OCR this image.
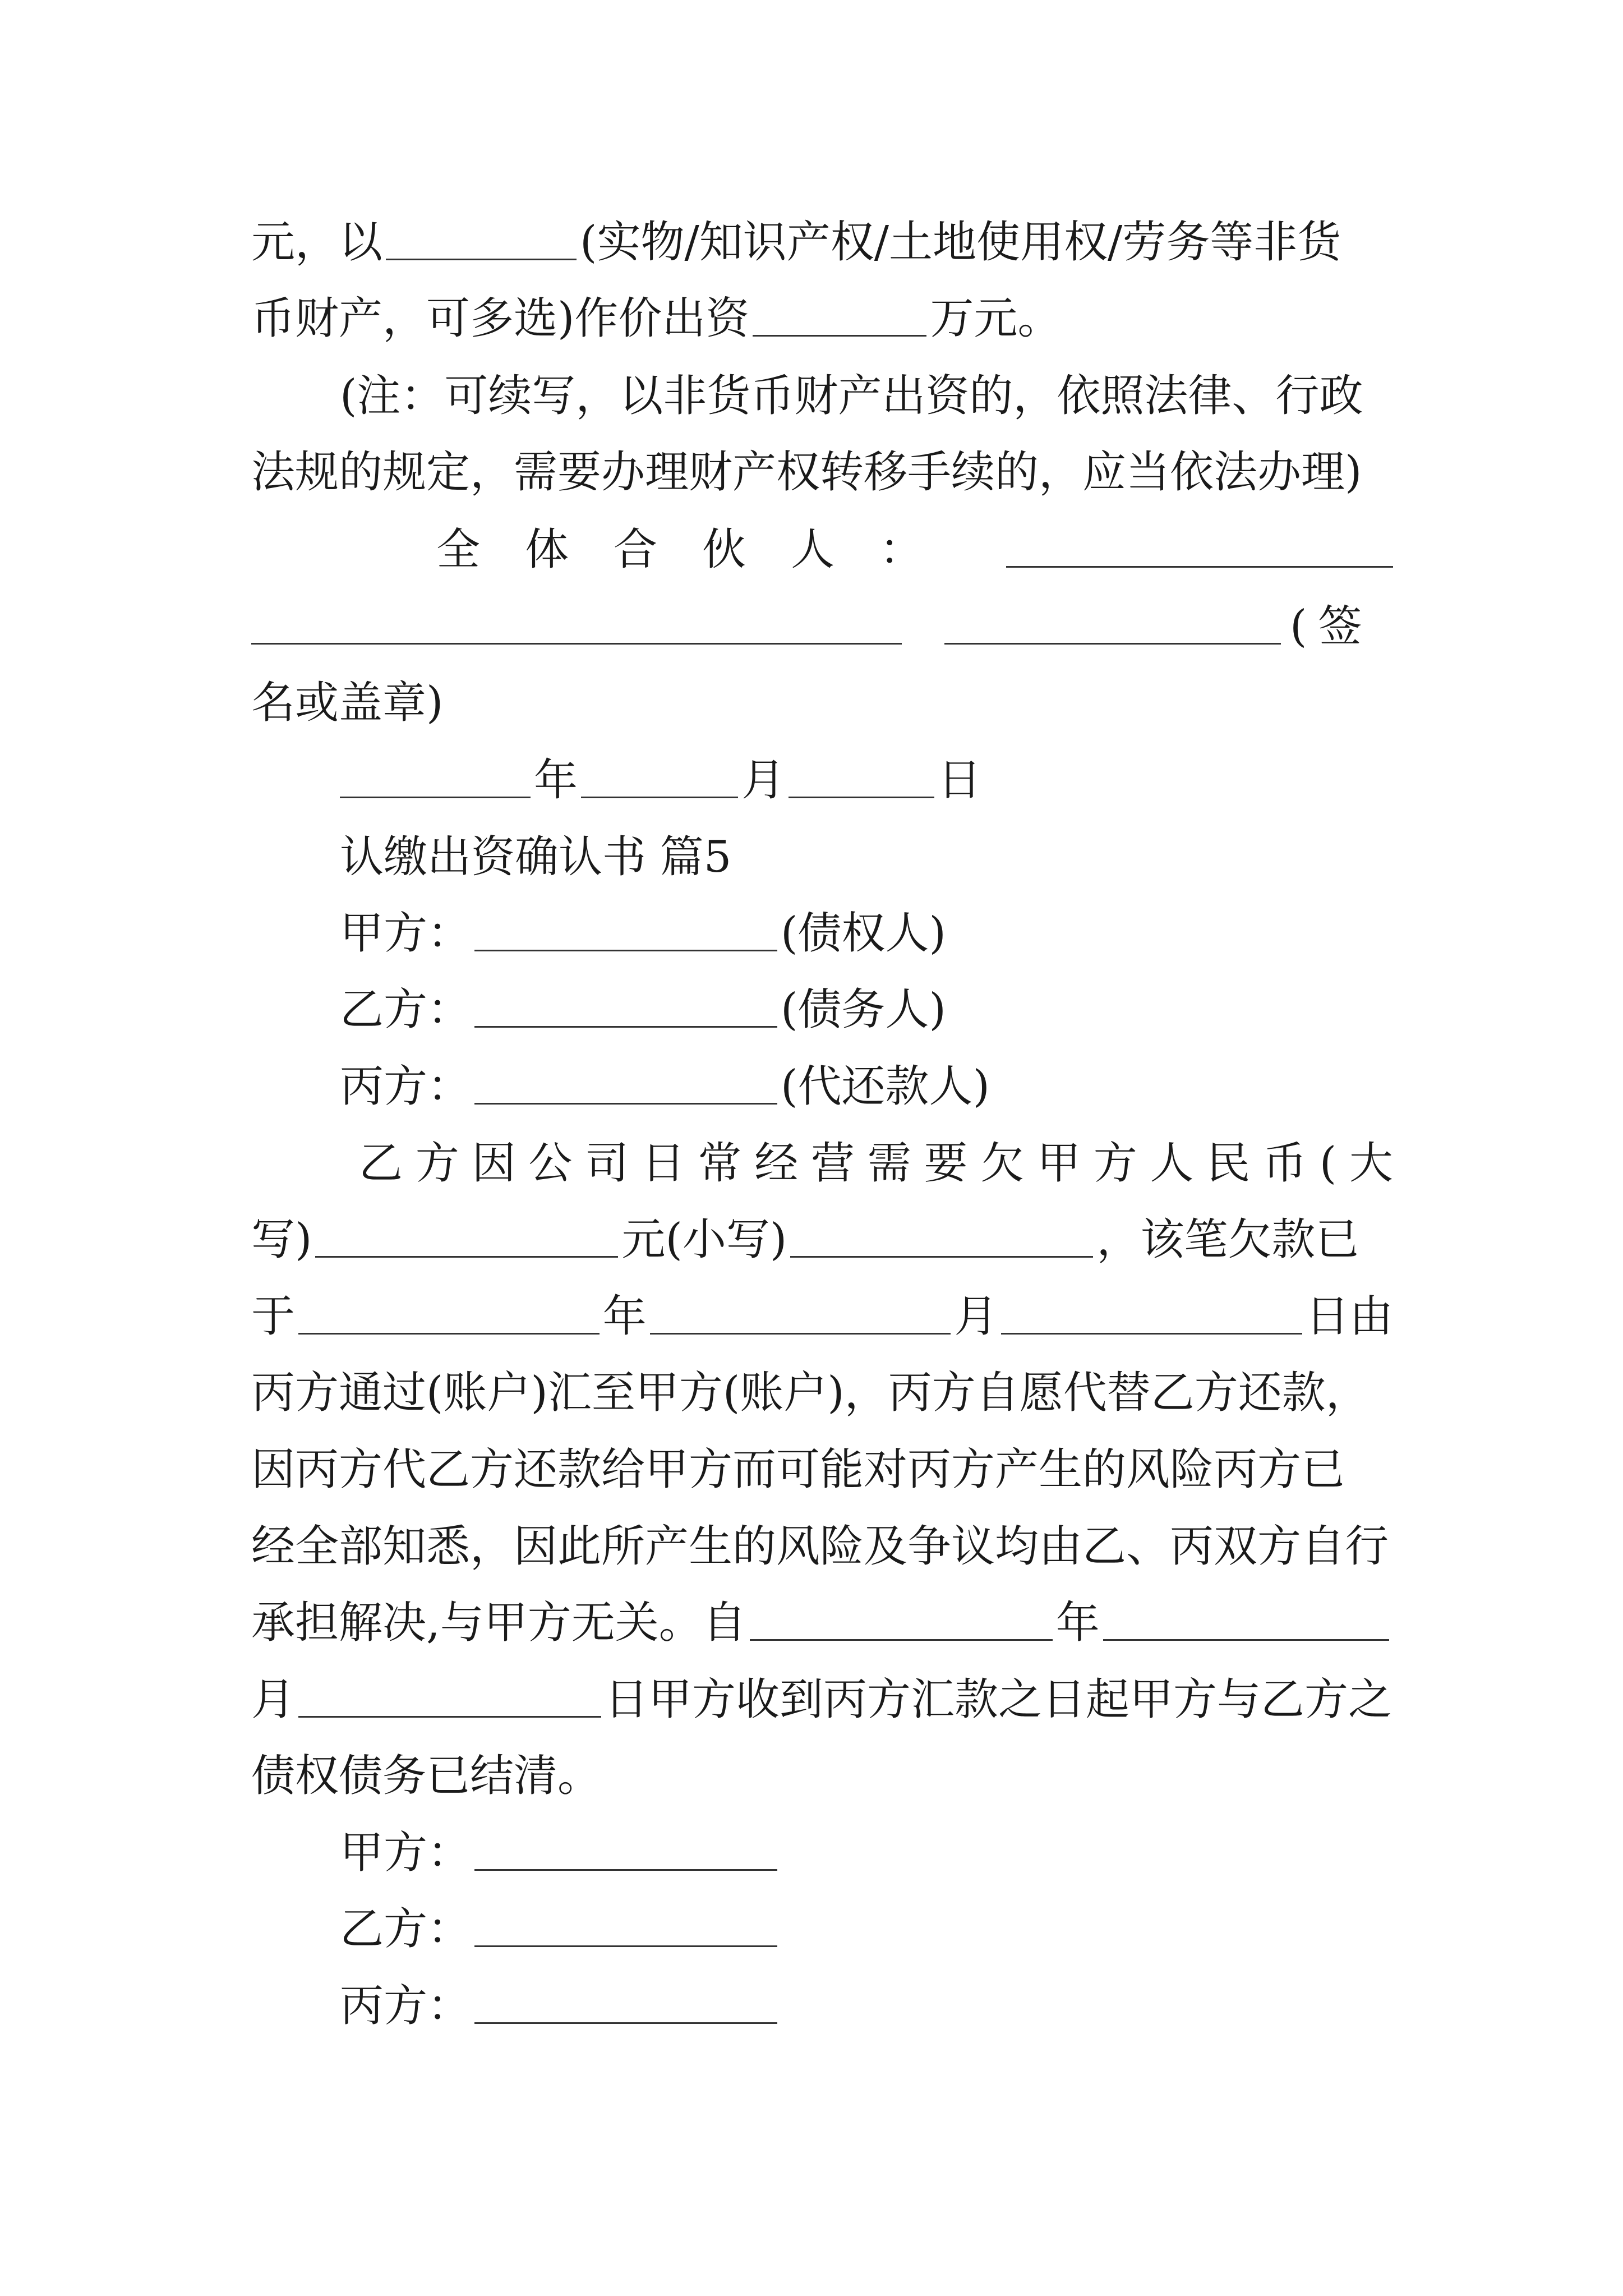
元，以	(实物/知识产权/土地使用权/劳务等非货
币财产，可多选)作价出资	万元。
(注：可续写，以非货币财产出资的，依照法律、行政
法规的规定，需要办理财产权转移手续的，应当依法办理)
全 体 合 伙 人 ：
( 签
名或盖章)
年	月	日
认缴出资确认书 篇5
甲方：	(债权人)
乙方：	(债务人)
丙方：	(代还款人)
乙 方 因 公 司 日 常 经 营 需 要 欠 甲 方 人 民 币 ( 大
写)	元(小写)	，该笔欠款已
于	年	月	日由
丙方通过(账户)汇至甲方(账户)，丙方自愿代替乙方还款，
因丙方代乙方还款给甲方而可能对丙方产生的风险丙方已
经全部知悉，因此所产生的风险及争议均由乙、丙双方自行
承担解决,与甲方无关。自	年
月	日甲方收到丙方汇款之日起甲方与乙方之
债权债务已结清。
甲方：
乙方：
丙方：
